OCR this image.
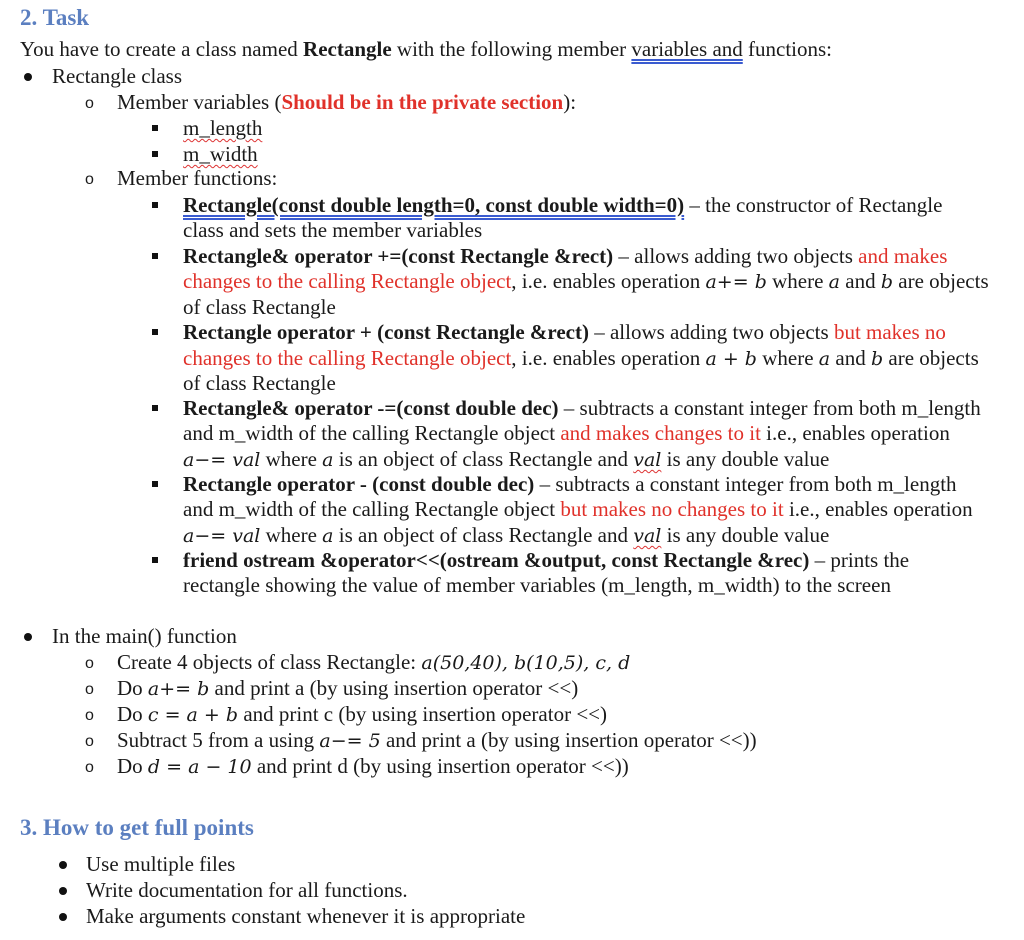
2. Task
You have to create a class named Rectangle with the following member variables and functions:
Rectangle class
o Member variables (Should be in the private section):
m_length
m_width
o Member functions:
Rectangle(const double length=0, const double width=0) – the constructor of Rectangle
class and sets the member variables
Rectangle& operator +=(const Rectangle &rect) – allows adding two objects and makes
changes to the calling Rectangle object, i.e. enables operation a+= b where a and b are objects
of class Rectangle
Rectangle operator + (const Rectangle &rect) – allows adding two objects but makes no
changes to the calling Rectangle object, i.e. enables operation a + b where a and b are objects
of class Rectangle
Rectangle& operator -=(const double dec) – subtracts a constant integer from both m_length
and m_width of the calling Rectangle object and makes changes to it i.e., enables operation
a−= val where a is an object of class Rectangle and val is any double value
Rectangle operator - (const double dec) – subtracts a constant integer from both m_length
and m_width of the calling Rectangle object but makes no changes to it i.e., enables operation
a−= val where a is an object of class Rectangle and val is any double value
friend ostream &operator<<(ostream &output, const Rectangle &rec) – prints the
rectangle showing the value of member variables (m_length, m_width) to the screen
In the main() function
o Create 4 objects of class Rectangle: a(50,40), b(10,5), c, d
o Do a+= b and print a (by using insertion operator <<)
o Do c = a + b and print c (by using insertion operator <<)
o Subtract 5 from a using a−= 5 and print a (by using insertion operator <<))
o Do d = a − 10 and print d (by using insertion operator <<))
3. How to get full points
Use multiple files
Write documentation for all functions.
Make arguments constant whenever it is appropriate
